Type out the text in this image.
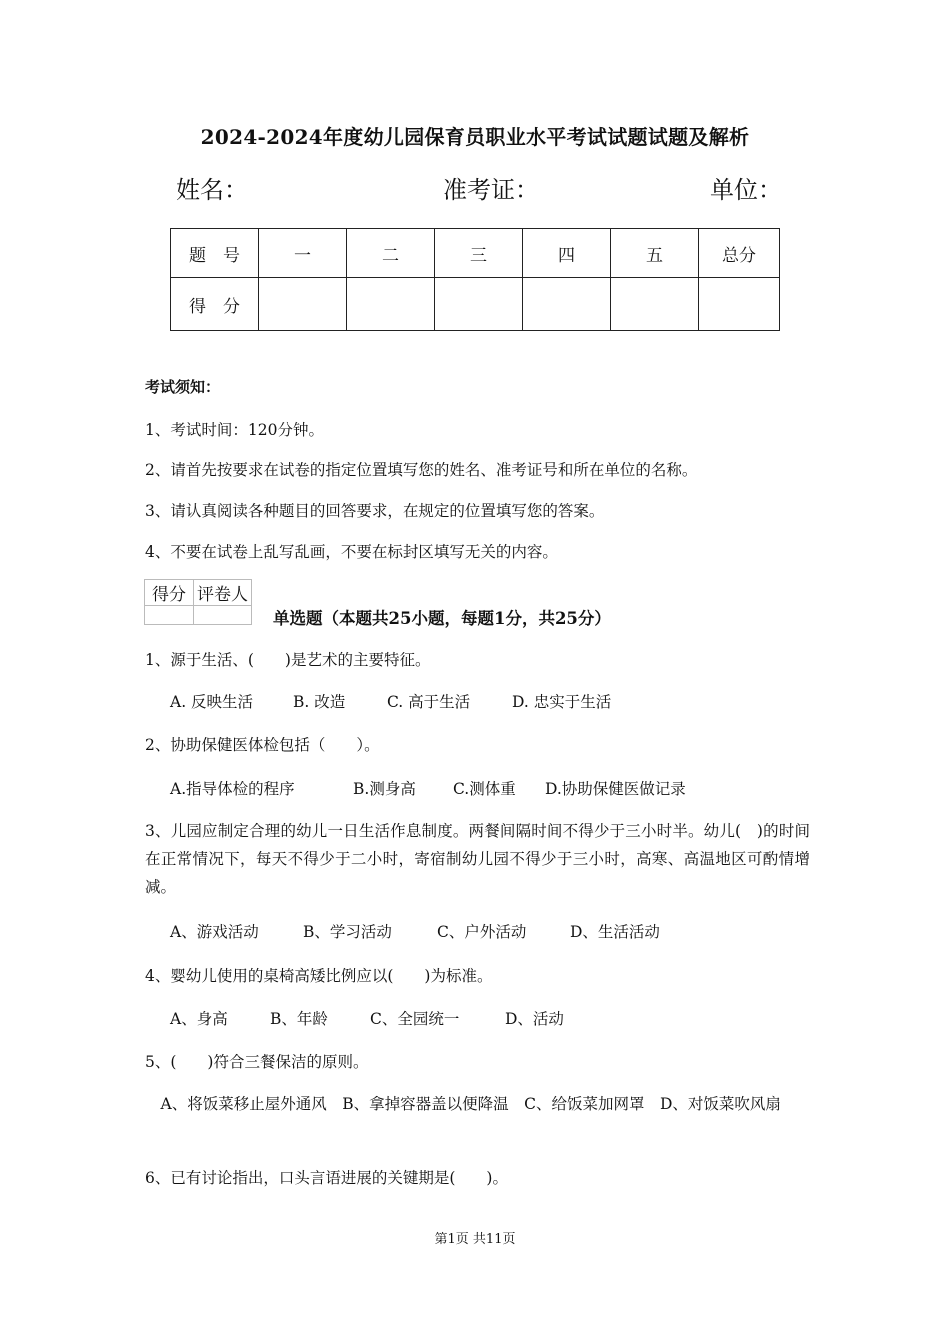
2024-2024年度幼儿园保育员职业水平考试试题试题及解析
姓名：	准考证：	单位：
题　号	一	二	三	四	五	总分
得　分						
考试须知：
1、考试时间：120分钟。
2、请首先按要求在试卷的指定位置填写您的姓名、准考证号和所在单位的名称。
3、请认真阅读各种题目的回答要求，在规定的位置填写您的答案。
4、不要在试卷上乱写乱画，不要在标封区填写无关的内容。
得分	评卷人

单选题（本题共25小题，每题1分，共25分）
1、源于生活、(　　)是艺术的主要特征。
A. 反映生活	B. 改造	C. 高于生活	D. 忠实于生活
2、协助保健医体检包括（　　）。
A.指导体检的程序	B.测身高 C.测体重 D.协助保健医做记录
3、儿园应制定合理的幼儿一日生活作息制度。两餐间隔时间不得少于三小时半。幼儿(　)的时间在正常情况下，每天不得少于二小时，寄宿制幼儿园不得少于三小时，高寒、高温地区可酌情增减。
A、游戏活动	B、学习活动	C、户外活动	D、生活活动
4、婴幼儿使用的桌椅高矮比例应以(　　)为标准。
A、身高	B、年龄	C、全园统一	D、活动
5、(　　)符合三餐保洁的原则。
　A、将饭菜移止屋外通风　B、拿掉容器盖以便降温　C、给饭菜加网罩　D、对饭菜吹风扇
6、已有讨论指出，口头言语进展的关键期是(　　)。
第1页 共11页
